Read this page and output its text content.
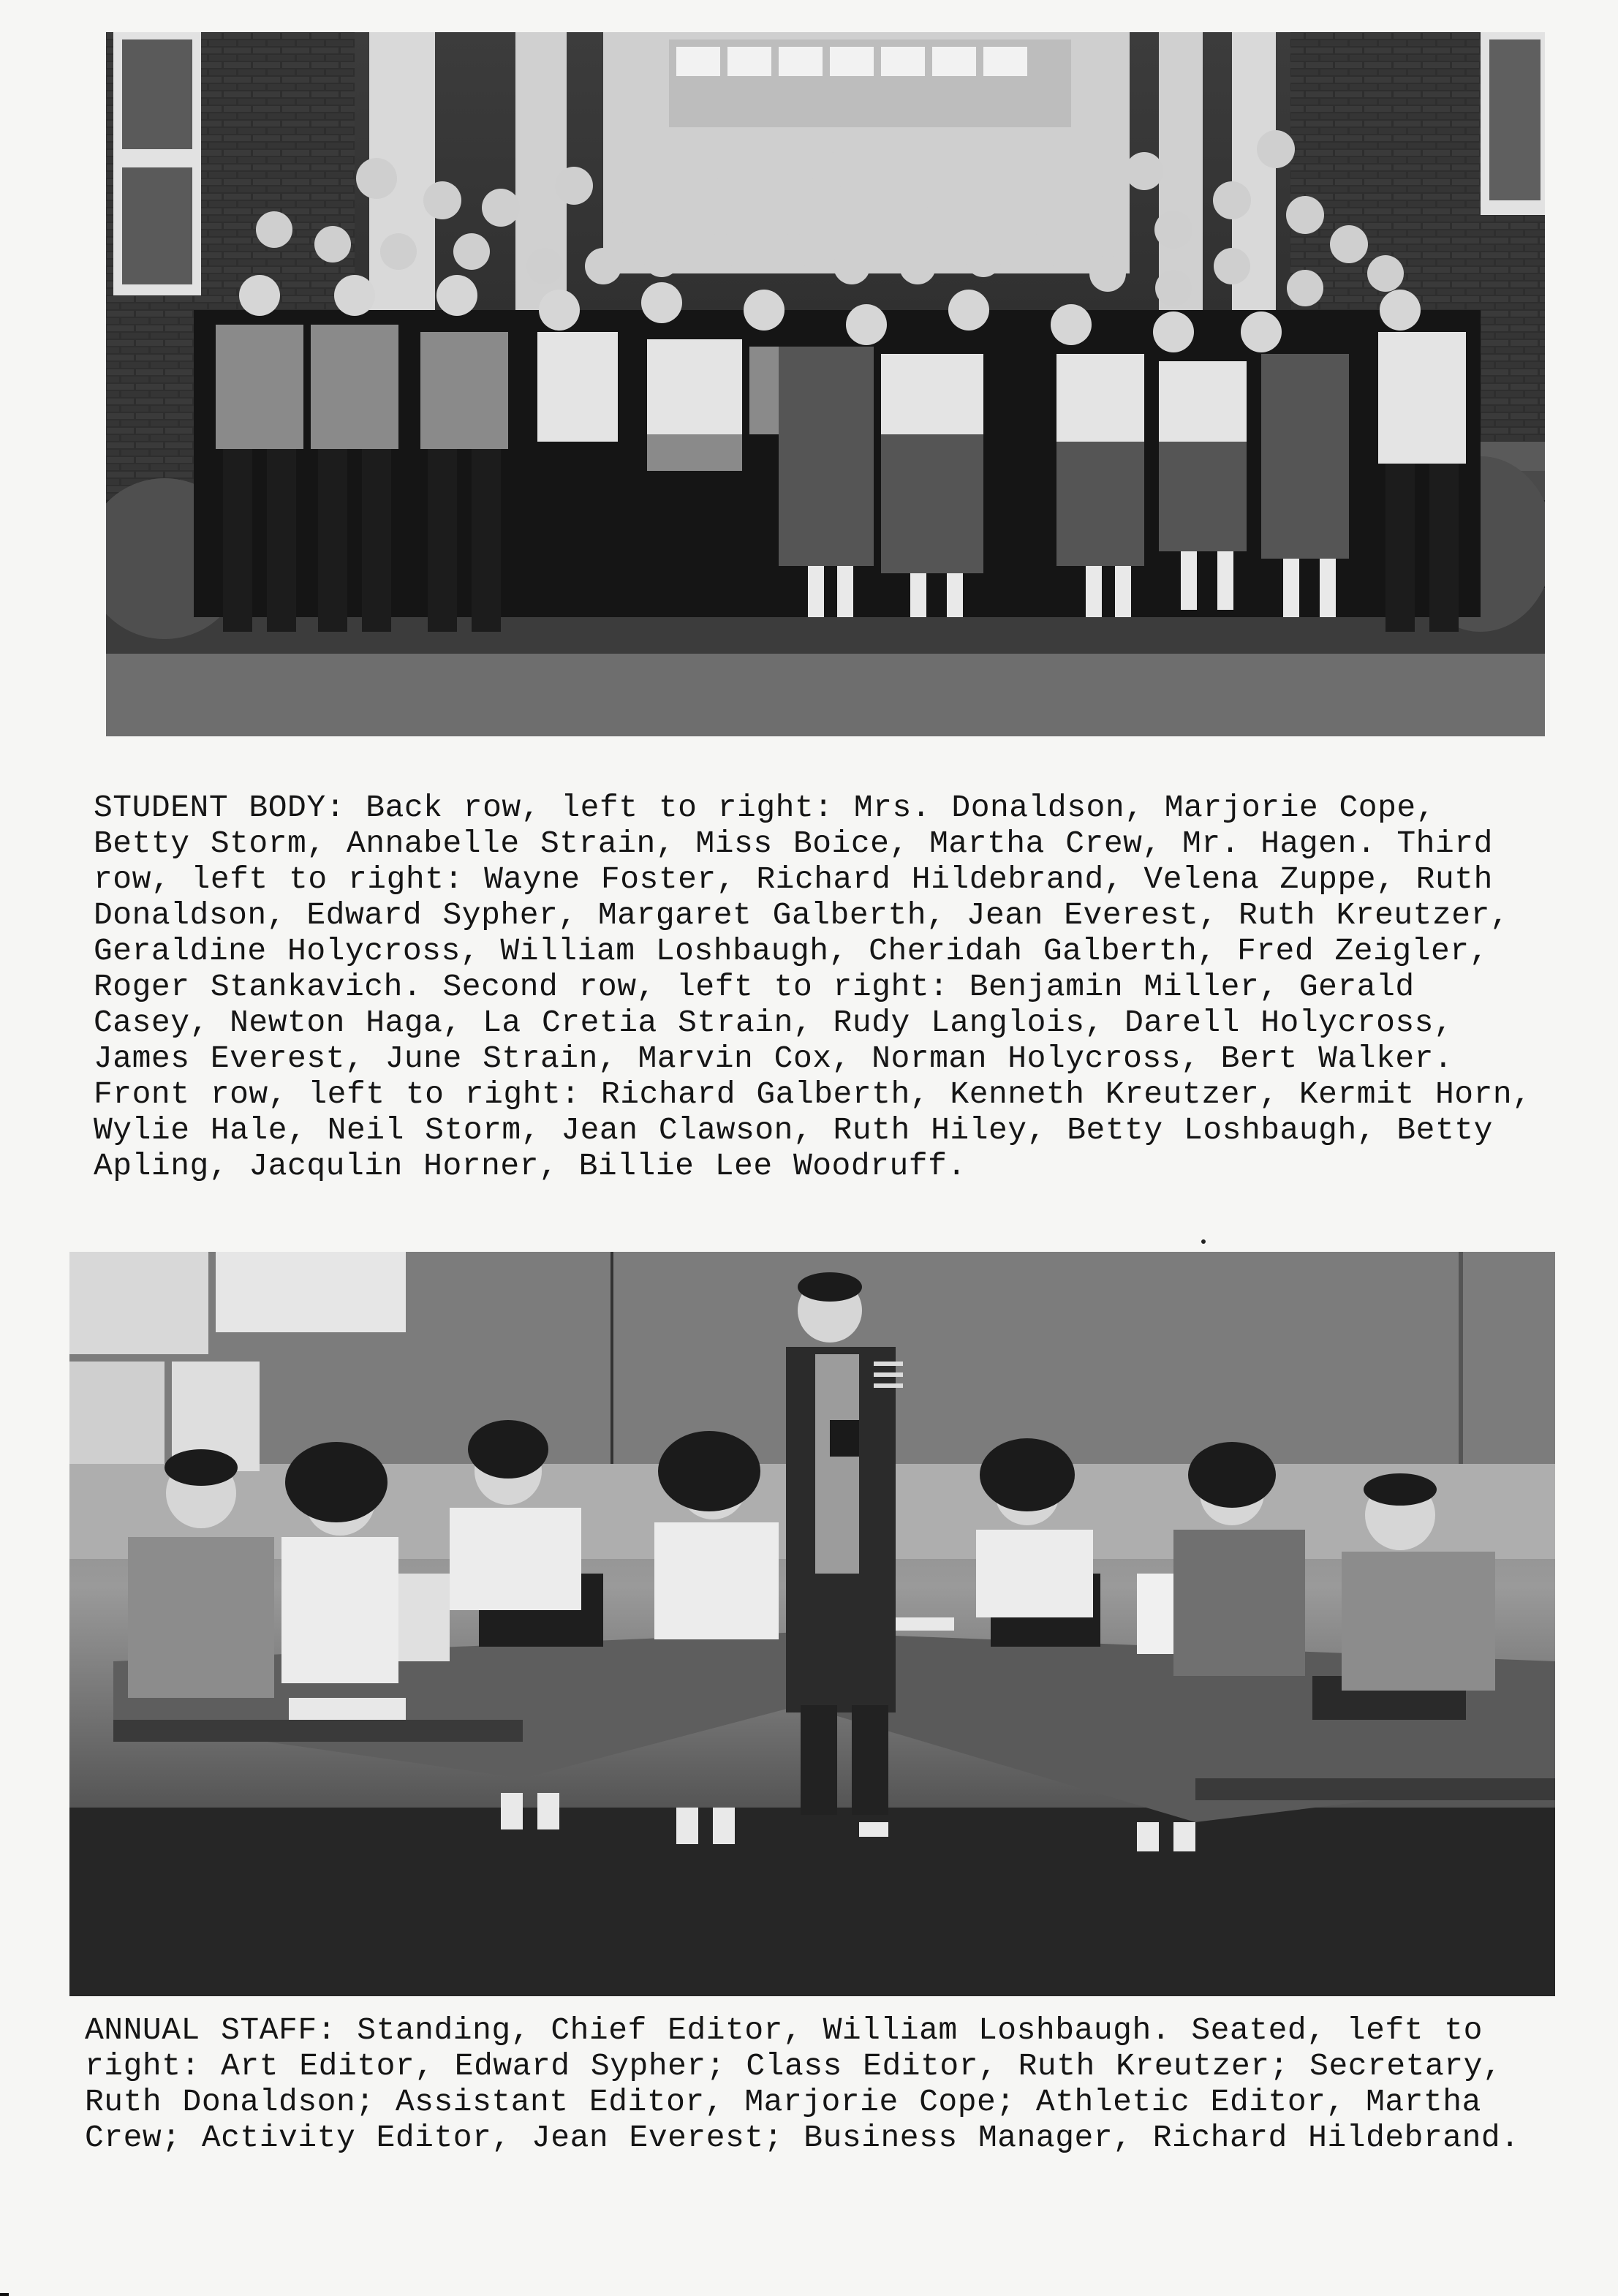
STUDENT BODY: Back row, left to right: Mrs. Donaldson, Marjorie Cope, Betty Storm, Annabelle Strain, Miss Boice, Martha Crew, Mr. Hagen. Third row, left to right: Wayne Foster, Richard Hildebrand, Velena Zuppe, Ruth Donaldson, Edward Sypher, Margaret Galberth, Jean Everest, Ruth Kreutzer, Geraldine Holycross, William Loshbaugh, Cheridah Galberth, Fred Zeigler, Roger Stankavich. Second row, left to right: Benjamin Miller, Gerald Casey, Newton Haga, La Cretia Strain, Rudy Langlois, Darell Holycross, James Everest, June Strain, Marvin Cox, Norman Holycross, Bert Walker. Front row, left to right: Richard Galberth, Kenneth Kreutzer, Kermit Horn, Wylie Hale, Neil Storm, Jean Clawson, Ruth Hiley, Betty Loshbaugh, Betty Apling, Jacqulin Horner, Billie Lee Woodruff.
ANNUAL STAFF: Standing, Chief Editor, William Loshbaugh. Seated, left to right: Art Editor, Edward Sypher; Class Editor, Ruth Kreutzer; Secretary, Ruth Donaldson; Assistant Editor, Marjorie Cope; Athletic Editor, Martha Crew; Activity Editor, Jean Everest; Business Manager, Richard Hildebrand.
